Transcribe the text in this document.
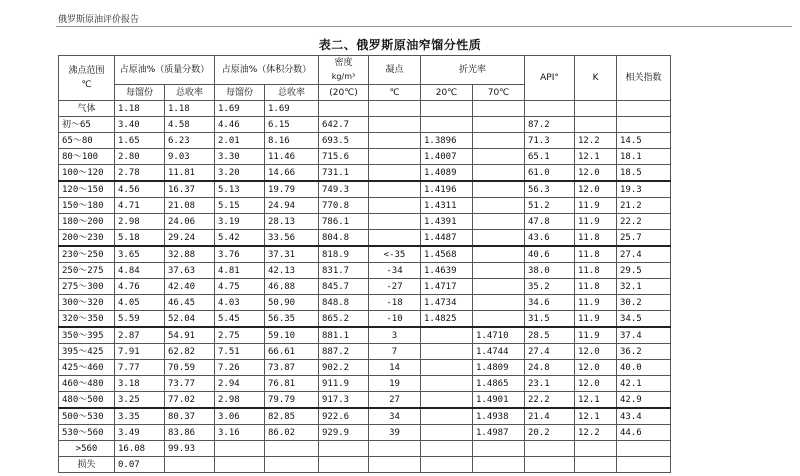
俄罗斯原油评价报告
表二、俄罗斯原油窄馏分性质
沸点范围
℃	占原油%（质量分数）		占原油%（体积分数）		密度
kg/m³	凝点	折光率		API°	K	相关指数
	每馏份	总收率	每馏份	总收率	(20℃)	℃	20℃	70℃			
气体	1.18	1.18	1.69	1.69							
初～65	3.40	4.58	4.46	6.15	642.7				87.2		
65～80	1.65	6.23	2.01	8.16	693.5		1.3896		71.3	12.2	14.5
80～100	2.80	9.03	3.30	11.46	715.6		1.4007		65.1	12.1	18.1
100～120	2.78	11.81	3.20	14.66	731.1		1.4089		61.0	12.0	18.5
120～150	4.56	16.37	5.13	19.79	749.3		1.4196		56.3	12.0	19.3
150～180	4.71	21.08	5.15	24.94	770.8		1.4311		51.2	11.9	21.2
180～200	2.98	24.06	3.19	28.13	786.1		1.4391		47.8	11.9	22.2
200～230	5.18	29.24	5.42	33.56	804.8		1.4487		43.6	11.8	25.7
230～250	3.65	32.88	3.76	37.31	818.9	<-35	1.4568		40.6	11.8	27.4
250～275	4.84	37.63	4.81	42.13	831.7	-34	1.4639		38.0	11.8	29.5
275～300	4.76	42.40	4.75	46.88	845.7	-27	1.4717		35.2	11.8	32.1
300～320	4.05	46.45	4.03	50.90	848.8	-18	1.4734		34.6	11.9	30.2
320～350	5.59	52.04	5.45	56.35	865.2	-10	1.4825		31.5	11.9	34.5
350～395	2.87	54.91	2.75	59.10	881.1	3		1.4710	28.5	11.9	37.4
395～425	7.91	62.82	7.51	66.61	887.2	7		1.4744	27.4	12.0	36.2
425～460	7.77	70.59	7.26	73.87	902.2	14		1.4809	24.8	12.0	40.0
460～480	3.18	73.77	2.94	76.81	911.9	19		1.4865	23.1	12.0	42.1
480～500	3.25	77.02	2.98	79.79	917.3	27		1.4901	22.2	12.1	42.9
500～530	3.35	80.37	3.06	82.85	922.6	34		1.4938	21.4	12.1	43.4
530～560	3.49	83.86	3.16	86.02	929.9	39		1.4987	20.2	12.2	44.6
>560	16.08	99.93									
损失	0.07										
